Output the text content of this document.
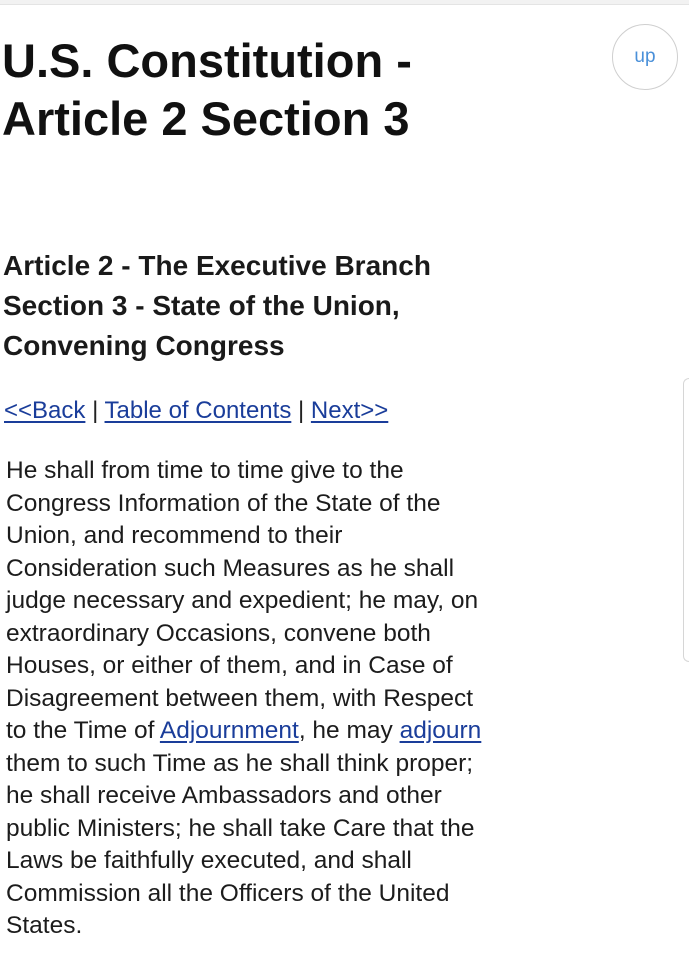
U.S. Constitution -
Article 2 Section 3
up
Article 2 - The Executive Branch
Section 3 - State of the Union,
Convening Congress
<<Back | Table of Contents | Next>>
He shall from time to time give to the
Congress Information of the State of the
Union, and recommend to their
Consideration such Measures as he shall
judge necessary and expedient; he may, on
extraordinary Occasions, convene both
Houses, or either of them, and in Case of
Disagreement between them, with Respect
to the Time of Adjournment, he may adjourn
them to such Time as he shall think proper;
he shall receive Ambassadors and other
public Ministers; he shall take Care that the
Laws be faithfully executed, and shall
Commission all the Officers of the United
States.
